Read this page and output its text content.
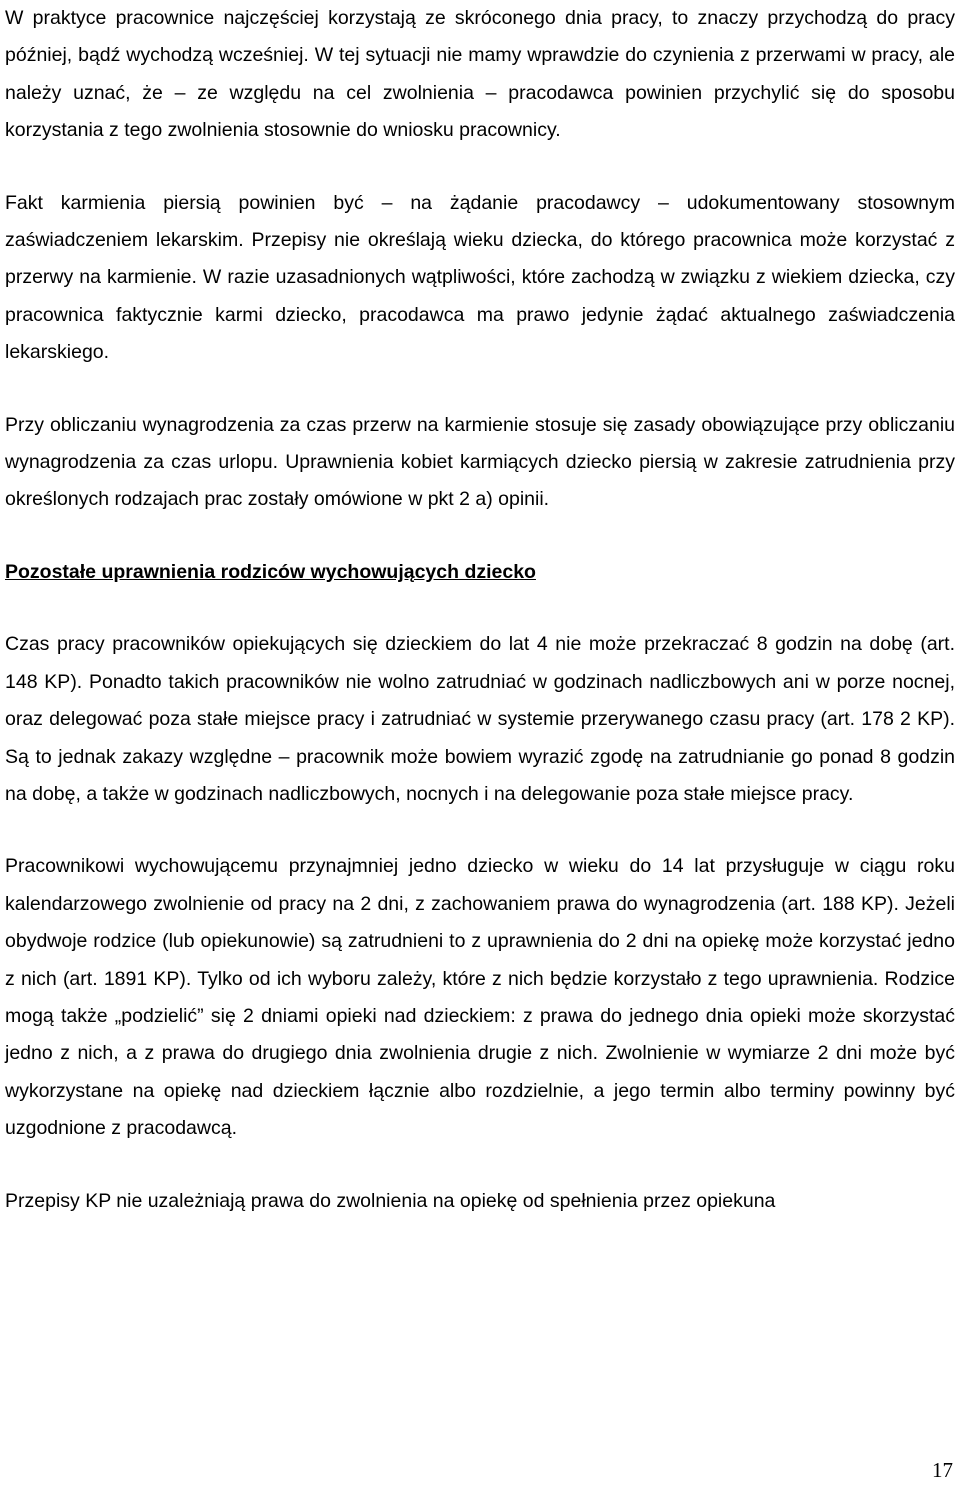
W praktyce pracownice najczęściej korzystają ze skróconego dnia pracy, to znaczy przychodzą do pracy później, bądź wychodzą wcześniej. W tej sytuacji nie mamy wprawdzie do czynienia z przerwami w pracy, ale należy uznać, że – ze względu na cel zwolnienia – pracodawca powinien przychylić się do sposobu korzystania z tego zwolnienia stosownie do wniosku pracownicy.

Fakt karmienia piersią powinien być – na żądanie pracodawcy – udokumentowany stosownym zaświadczeniem lekarskim. Przepisy nie określają wieku dziecka, do którego pracownica może korzystać z przerwy na karmienie. W razie uzasadnionych wątpliwości, które zachodzą w związku z wiekiem dziecka, czy pracownica faktycznie karmi dziecko, pracodawca ma prawo jedynie żądać aktualnego zaświadczenia lekarskiego.

Przy obliczaniu wynagrodzenia za czas przerw na karmienie stosuje się zasady obowiązujące przy obliczaniu wynagrodzenia za czas urlopu. Uprawnienia kobiet karmiących dziecko piersią w zakresie zatrudnienia przy określonych rodzajach prac zostały omówione w pkt 2 a) opinii.

Pozostałe uprawnienia rodziców wychowujących dziecko

Czas pracy pracowników opiekujących się dzieckiem do lat 4 nie może przekraczać 8 godzin na dobę (art. 148 KP). Ponadto takich pracowników nie wolno zatrudniać w godzinach nadliczbowych ani w porze nocnej, oraz delegować poza stałe miejsce pracy i zatrudniać w systemie przerywanego czasu pracy (art. 178 2 KP). Są to jednak zakazy względne – pracownik może bowiem wyrazić zgodę na zatrudnianie go ponad 8 godzin na dobę, a także w godzinach nadliczbowych, nocnych i na delegowanie poza stałe miejsce pracy.

Pracownikowi wychowującemu przynajmniej jedno dziecko w wieku do 14 lat przysługuje w ciągu roku kalendarzowego zwolnienie od pracy na 2 dni, z zachowaniem prawa do wynagrodzenia (art. 188 KP). Jeżeli obydwoje rodzice (lub opiekunowie) są zatrudnieni to z uprawnienia do 2 dni na opiekę może korzystać jedno z nich (art. 1891 KP). Tylko od ich wyboru zależy, które z nich będzie korzystało z tego uprawnienia. Rodzice mogą także „podzielić” się 2 dniami opieki nad dzieckiem: z prawa do jednego dnia opieki może skorzystać jedno z nich, a z prawa do drugiego dnia zwolnienia drugie z nich. Zwolnienie w wymiarze 2 dni może być wykorzystane na opiekę nad dzieckiem łącznie albo rozdzielnie, a jego termin albo terminy powinny być uzgodnione z pracodawcą.

Przepisy KP nie uzależniają prawa do zwolnienia na opiekę od spełnienia przez opiekuna

17
